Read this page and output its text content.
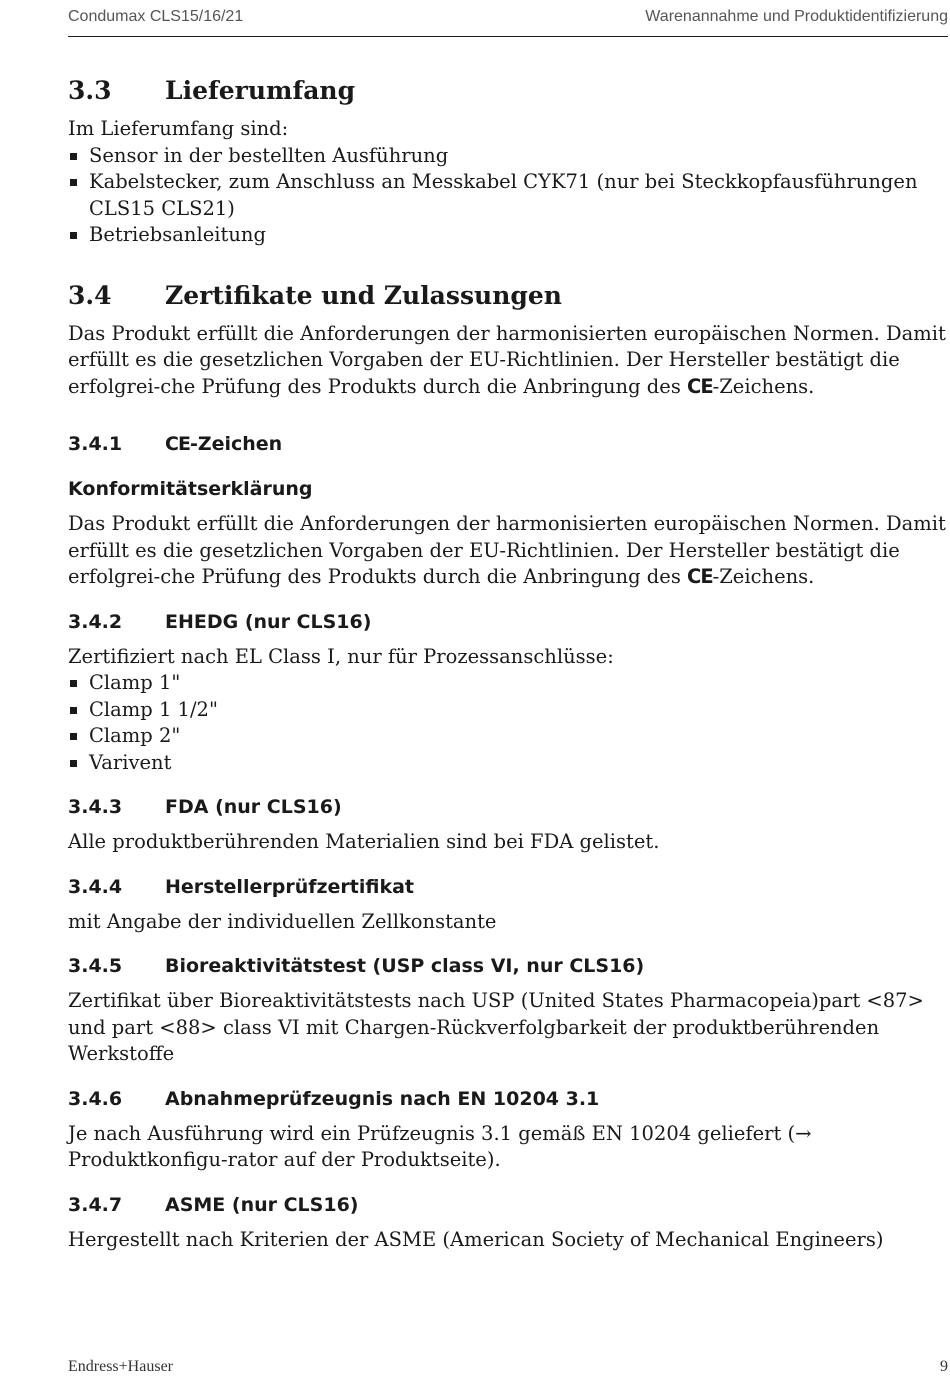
Condumax CLS15/16/21	Warenannahme und Produktidentifizierung
3.3	Lieferumfang

Im Lieferumfang sind:

Sensor in der bestellten Ausführung
Kabelstecker, zum Anschluss an Messkabel CYK71 (nur bei Steckkopfausführungen CLS15 CLS21)
Betriebsanleitung
3.4	Zertifikate und Zulassungen

Das Produkt erfüllt die Anforderungen der harmonisierten europäischen Normen. Damit erfüllt es die gesetzlichen Vorgaben der EU-Richtlinien. Der Hersteller bestätigt die erfolgrei-che Prüfung des Produkts durch die Anbringung des CE-Zeichens.

3.4.1	CE-Zeichen
Konformitätserklärung

Das Produkt erfüllt die Anforderungen der harmonisierten europäischen Normen. Damit erfüllt es die gesetzlichen Vorgaben der EU-Richtlinien. Der Hersteller bestätigt die erfolgrei-che Prüfung des Produkts durch die Anbringung des CE-Zeichens.

3.4.2	EHEDG (nur CLS16)

Zertifiziert nach EL Class I, nur für Prozessanschlüsse:

Clamp 1"
Clamp 1 1/2"
Clamp 2"
Varivent
3.4.3	FDA (nur CLS16)

Alle produktberührenden Materialien sind bei FDA gelistet.

3.4.4	Herstellerprüfzertifikat

mit Angabe der individuellen Zellkonstante

3.4.5	Bioreaktivitätstest (USP class VI, nur CLS16)

Zertifikat über Bioreaktivitätstests nach USP (United States Pharmacopeia)part <87> und part <88> class VI mit Chargen-Rückverfolgbarkeit der produktberührenden Werkstoffe

3.4.6	Abnahmeprüfzeugnis nach EN 10204 3.1

Je nach Ausführung wird ein Prüfzeugnis 3.1 gemäß EN 10204 geliefert (→ Produktkonfigu-rator auf der Produktseite).

3.4.7	ASME (nur CLS16)

Hergestellt nach Kriterien der ASME (American Society of Mechanical Engineers)

Endress+Hauser	9
